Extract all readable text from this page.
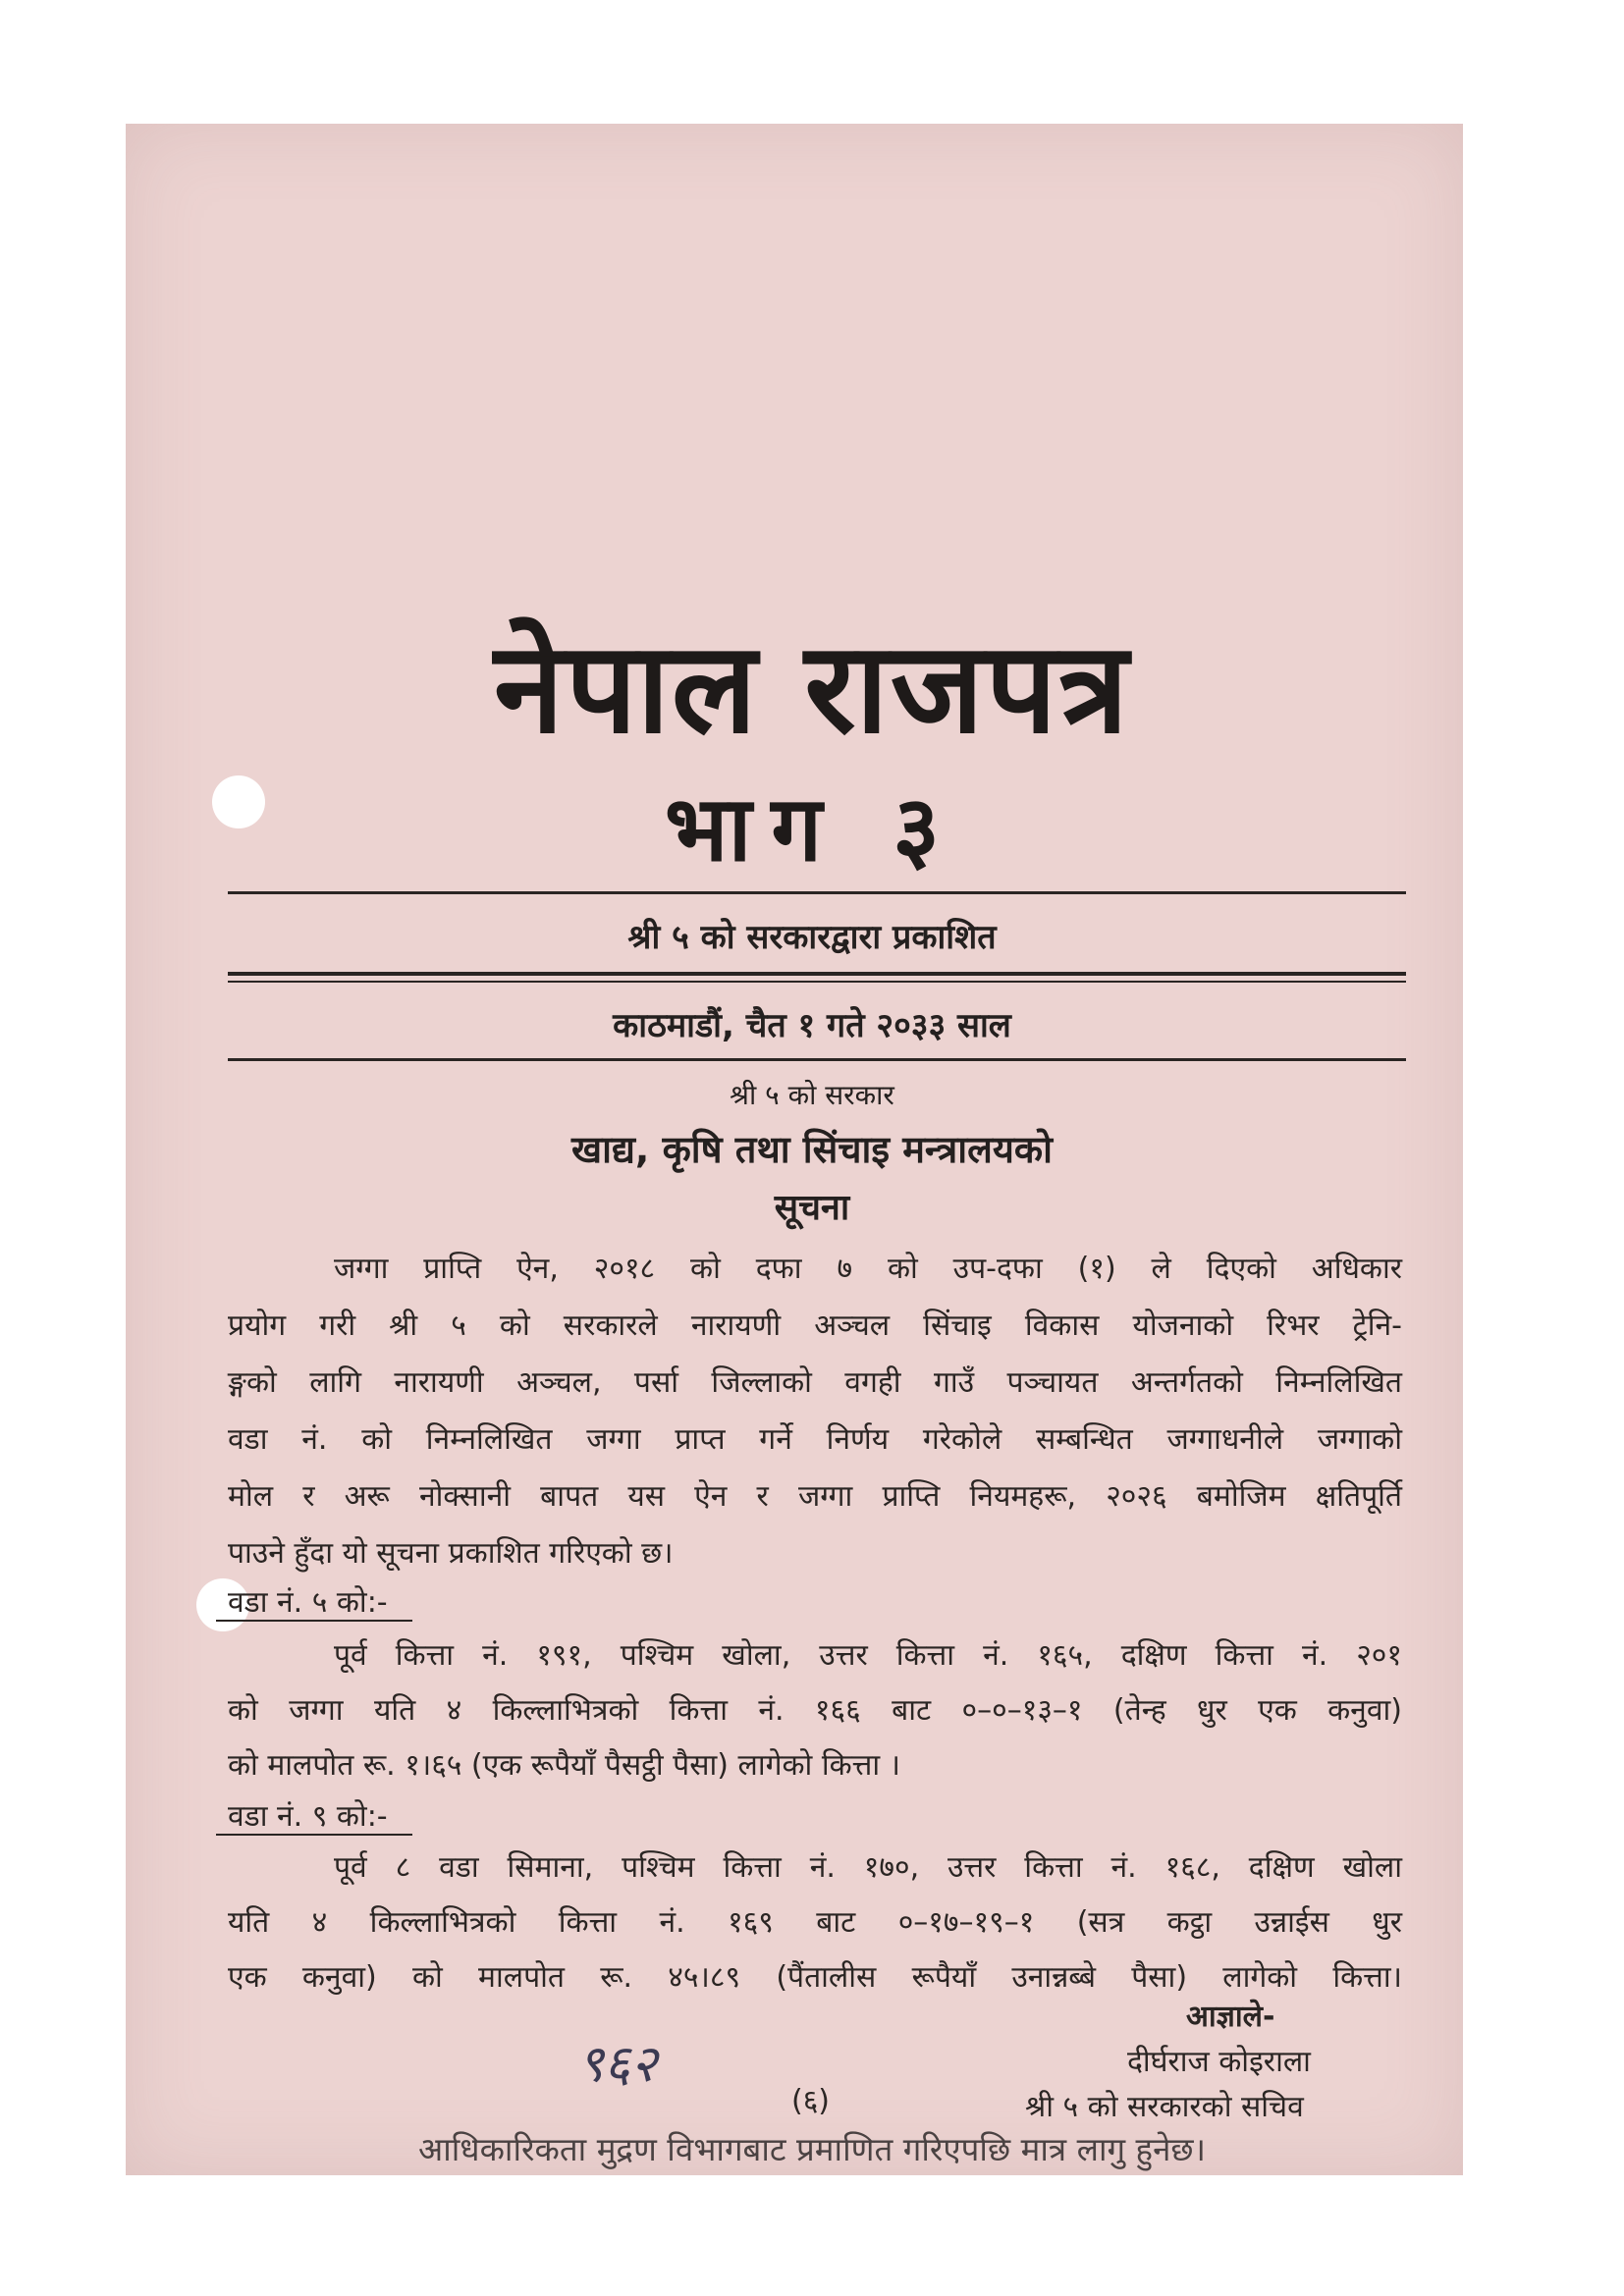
नेपाल राजपत्र
भाग ३
श्री ५ को सरकारद्वारा प्रकाशित
काठमाडौं, चैत १ गते २०३३ साल
श्री ५ को सरकार
खाद्य, कृषि तथा सिंचाइ मन्त्रालयको
सूचना
जग्गा प्राप्ति ऐन, २०१८ को दफा ७ को उप-दफा (१) ले दिएको अधिकार
प्रयोग गरी श्री ५ को सरकारले नारायणी अञ्चल सिंचाइ विकास योजनाको रिभर ट्रेनि-
ङ्गको लागि नारायणी अञ्चल, पर्सा जिल्लाको वगही गाउँ पञ्चायत अन्तर्गतको निम्नलिखित
वडा नं. को निम्नलिखित जग्गा प्राप्त गर्ने निर्णय गरेकोले सम्बन्धित जग्गाधनीले जग्गाको
मोल र अरू नोक्सानी बापत यस ऐन र जग्गा प्राप्ति नियमहरू, २०२६ बमोजिम क्षतिपूर्ति
पाउने हुँदा यो सूचना प्रकाशित गरिएको छ।
वडा नं. ५ को:-
पूर्व कित्ता नं. १९१, पश्चिम खोला, उत्तर कित्ता नं. १६५, दक्षिण कित्ता नं. २०१
को जग्गा यति ४ किल्लाभित्रको कित्ता नं. १६६ बाट ०–०–१३–१ (तेन्ह धुर एक कनुवा)
को मालपोत रू. १।६५ (एक रूपैयाँ पैसट्ठी पैसा) लागेको कित्ता ।
वडा नं. ९ को:-
पूर्व ८ वडा सिमाना, पश्चिम कित्ता नं. १७०, उत्तर कित्ता नं. १६८, दक्षिण खोला
यति ४ किल्लाभित्रको कित्ता नं. १६९ बाट ०–१७–१९–१ (सत्र कट्ठा उन्नाईस धुर
एक कनुवा) को मालपोत रू. ४५।८९ (पैंतालीस रूपैयाँ उनान्नब्बे पैसा) लागेको कित्ता।
आज्ञाले-
दीर्घराज कोइराला
श्री ५ को सरकारको सचिव
९६२
(६)
आधिकारिकता मुद्रण विभागबाट प्रमाणित गरिएपछि मात्र लागु हुनेछ।
